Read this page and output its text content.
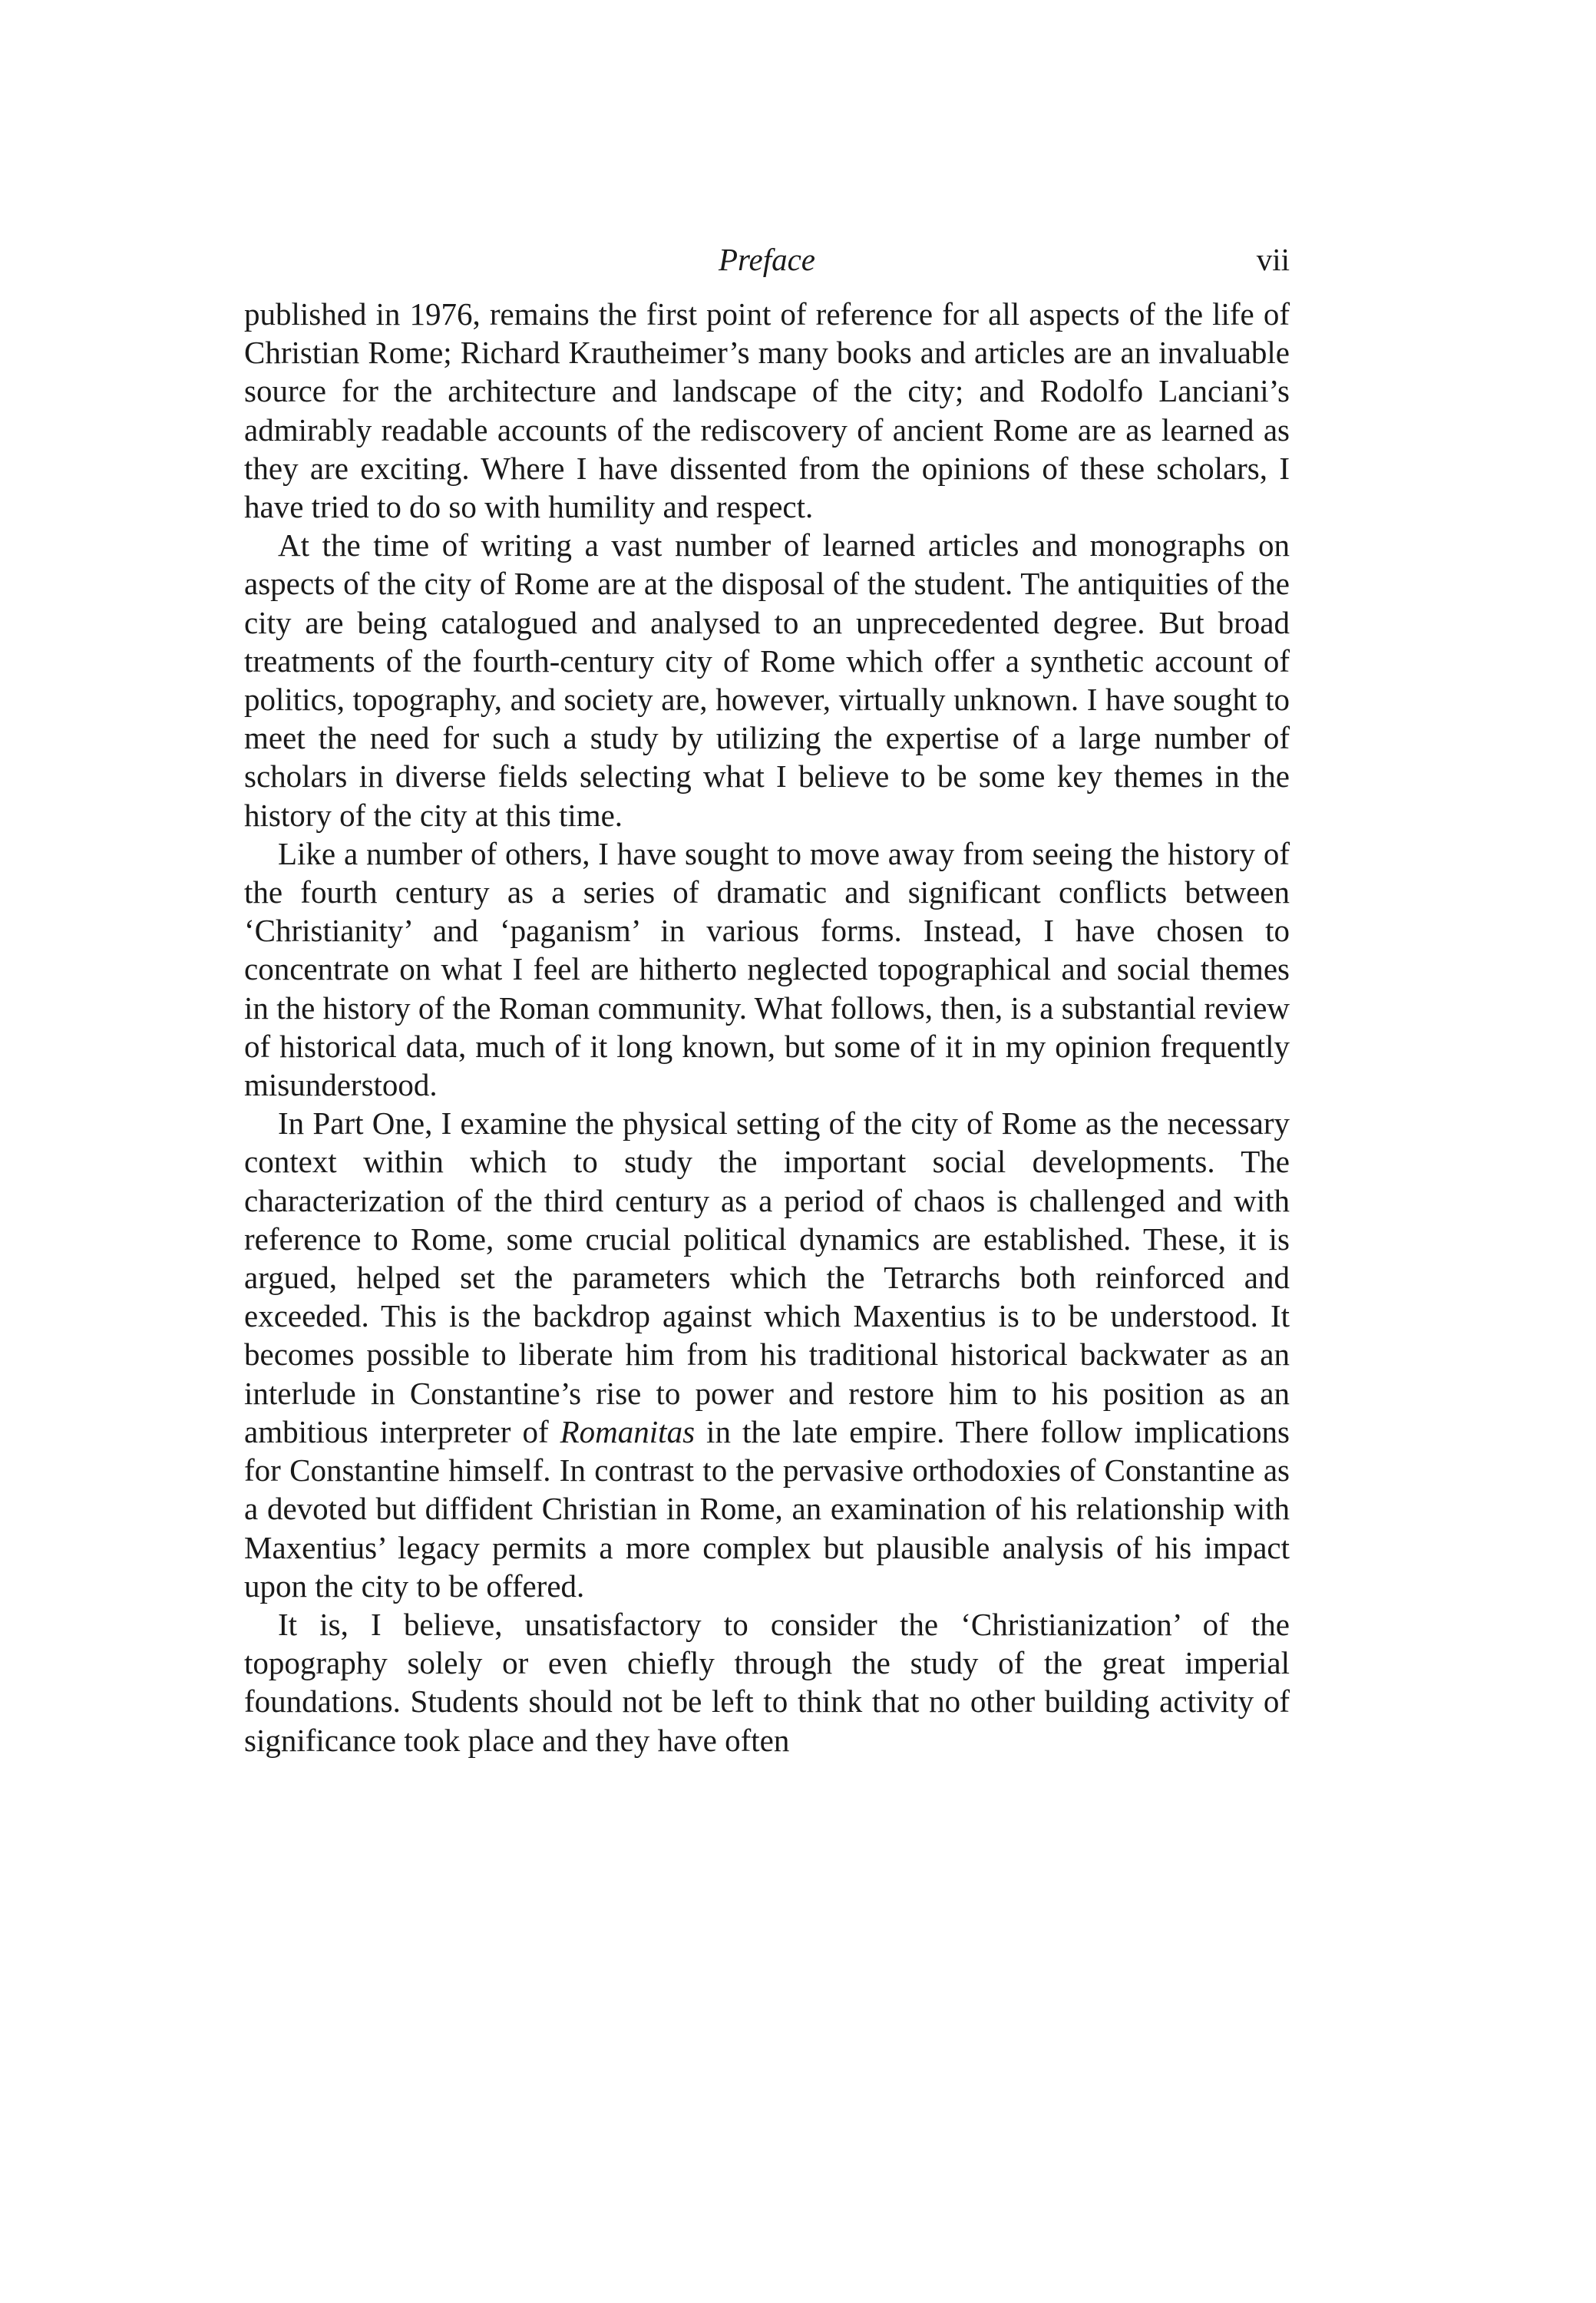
Preface	vii

published in 1976, remains the first point of reference for all aspects of the life of Christian Rome; Richard Krautheimer’s many books and articles are an invaluable source for the architecture and landscape of the city; and Rodolfo Lanciani’s admirably readable accounts of the rediscovery of ancient Rome are as learned as they are exciting. Where I have dissented from the opinions of these scholars, I have tried to do so with humility and respect.

At the time of writing a vast number of learned articles and monographs on aspects of the city of Rome are at the disposal of the student. The antiquities of the city are being catalogued and analysed to an unprecedented degree. But broad treatments of the fourth-century city of Rome which offer a synthetic account of politics, topography, and society are, however, virtually unknown. I have sought to meet the need for such a study by utilizing the expertise of a large number of scholars in diverse fields selecting what I believe to be some key themes in the history of the city at this time.

Like a number of others, I have sought to move away from seeing the history of the fourth century as a series of dramatic and significant conflicts between ‘Christianity’ and ‘paganism’ in various forms. Instead, I have chosen to concentrate on what I feel are hitherto neglected topographical and social themes in the history of the Roman community. What follows, then, is a substantial review of historical data, much of it long known, but some of it in my opinion frequently misunderstood.

In Part One, I examine the physical setting of the city of Rome as the necessary context within which to study the important social developments. The characterization of the third century as a period of chaos is challenged and with reference to Rome, some crucial political dynamics are established. These, it is argued, helped set the parameters which the Tetrarchs both reinforced and exceeded. This is the backdrop against which Maxentius is to be understood. It becomes possible to liberate him from his traditional historical backwater as an interlude in Constantine’s rise to power and restore him to his position as an ambitious interpreter of Romanitas in the late empire. There follow implications for Constantine himself. In contrast to the pervasive orthodoxies of Constantine as a devoted but diffident Christian in Rome, an examination of his relationship with Maxentius’ legacy permits a more complex but plausible analysis of his impact upon the city to be offered.

It is, I believe, unsatisfactory to consider the ‘Christianization’ of the topography solely or even chiefly through the study of the great imperial foundations. Students should not be left to think that no other building activity of significance took place and they have often
